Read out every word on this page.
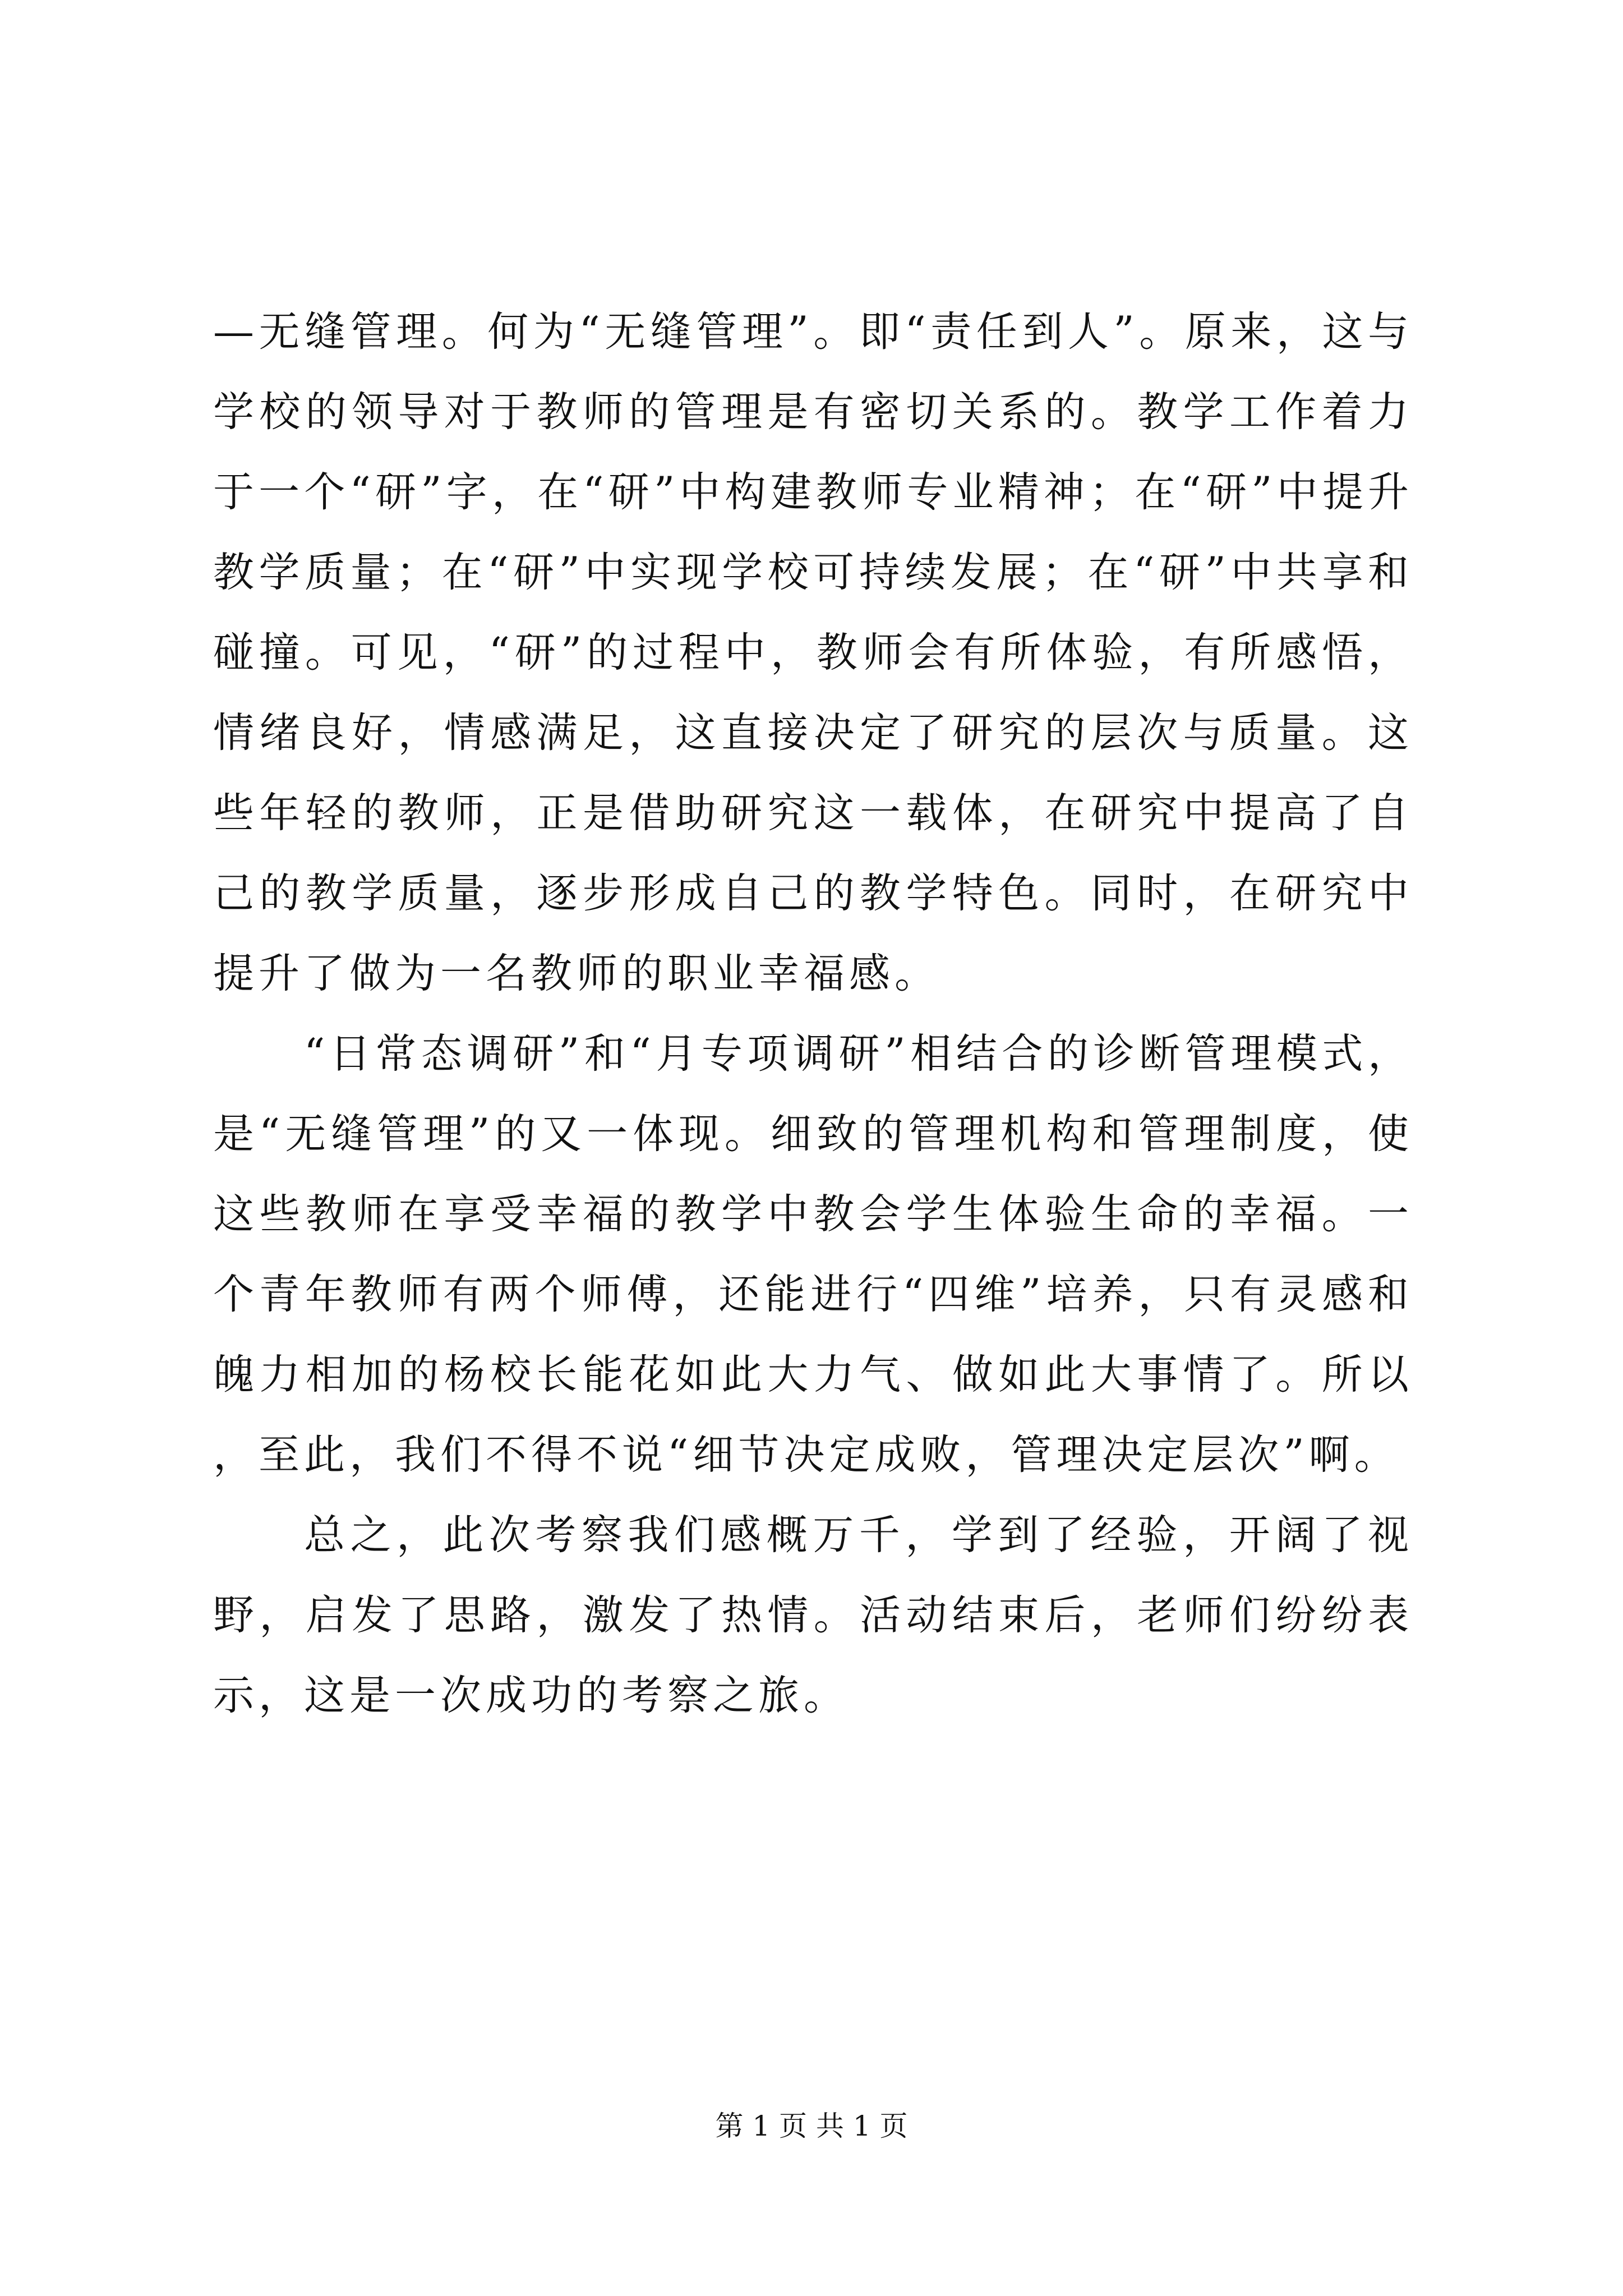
—无缝管理。何为“无缝管理”。即“责任到人”。原来，这与学校的领导对于教师的管理是有密切关系的。教学工作着力于一个“研”字，在“研”中构建教师专业精神；在“研”中提升教学质量；在“研”中实现学校可持续发展；在“研”中共享和碰撞。可见，“研”的过程中，教师会有所体验，有所感悟，情绪良好，情感满足，这直接决定了研究的层次与质量。这些年轻的教师，正是借助研究这一载体，在研究中提高了自己的教学质量，逐步形成自己的教学特色。同时，在研究中提升了做为一名教师的职业幸福感。

“日常态调研”和“月专项调研”相结合的诊断管理模式，是“无缝管理”的又一体现。细致的管理机构和管理制度，使这些教师在享受幸福的教学中教会学生体验生命的幸福。一个青年教师有两个师傅，还能进行“四维”培养，只有灵感和魄力相加的杨校长能花如此大力气、做如此大事情了。所以，至此，我们不得不说“细节决定成败，管理决定层次”啊。

总之，此次考察我们感概万千，学到了经验，开阔了视野，启发了思路，激发了热情。活动结束后，老师们纷纷表示，这是一次成功的考察之旅。

第 1 页 共 1 页
